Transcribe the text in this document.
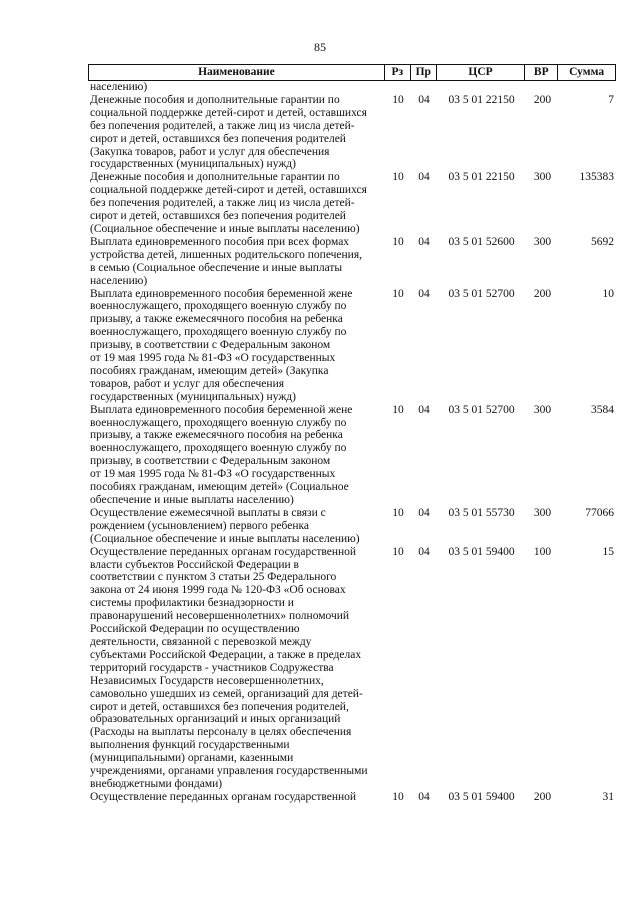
85
Наименование	Рз	Пр	ЦСР	ВР	Сумма
населению)
Денежные пособия и дополнительные гарантии по
социальной поддержке детей-сирот и детей, оставшихся
без попечения родителей, а также лиц из числа детей-
сирот и детей, оставшихся без попечения родителей
(Закупка товаров, работ и услуг для обеспечения
государственных (муниципальных) нужд)
10	04	03 5 01 22150	200	7
Денежные пособия и дополнительные гарантии по
социальной поддержке детей-сирот и детей, оставшихся
без попечения родителей, а также лиц из числа детей-
сирот и детей, оставшихся без попечения родителей
(Социальное обеспечение и иные выплаты населению)
10	04	03 5 01 22150	300	135383
Выплата единовременного пособия при всех формах
устройства детей, лишенных родительского попечения,
в семью (Социальное обеспечение и иные выплаты
населению)
10	04	03 5 01 52600	300	5692
Выплата единовременного пособия беременной жене
военнослужащего, проходящего военную службу по
призыву, а также ежемесячного пособия на ребенка
военнослужащего, проходящего военную службу по
призыву, в соответствии с Федеральным законом
от 19 мая 1995 года № 81-ФЗ «О государственных
пособиях гражданам, имеющим детей» (Закупка
товаров, работ и услуг для обеспечения
государственных (муниципальных) нужд)
10	04	03 5 01 52700	200	10
Выплата единовременного пособия беременной жене
военнослужащего, проходящего военную службу по
призыву, а также ежемесячного пособия на ребенка
военнослужащего, проходящего военную службу по
призыву, в соответствии с Федеральным законом
от 19 мая 1995 года № 81-ФЗ «О государственных
пособиях гражданам, имеющим детей» (Социальное
обеспечение и иные выплаты населению)
10	04	03 5 01 52700	300	3584
Осуществление ежемесячной выплаты в связи с
рождением (усыновлением) первого ребенка
(Социальное обеспечение и иные выплаты населению)
10	04	03 5 01 55730	300	77066
Осуществление переданных органам государственной
власти субъектов Российской Федерации в
соответствии с пунктом 3 статьи 25 Федерального
закона от 24 июня 1999 года № 120-ФЗ «Об основах
системы профилактики безнадзорности и
правонарушений несовершеннолетних» полномочий
Российской Федерации по осуществлению
деятельности, связанной с перевозкой между
субъектами Российской Федерации, а также в пределах
территорий государств - участников Содружества
Независимых Государств несовершеннолетних,
самовольно ушедших из семей, организаций для детей-
сирот и детей, оставшихся без попечения родителей,
образовательных организаций и иных организаций
(Расходы на выплаты персоналу в целях обеспечения
выполнения функций государственными
(муниципальными) органами, казенными
учреждениями, органами управления государственными
внебюджетными фондами)
10	04	03 5 01 59400	100	15
Осуществление переданных органам государственной	10	04	03 5 01 59400	200	31
